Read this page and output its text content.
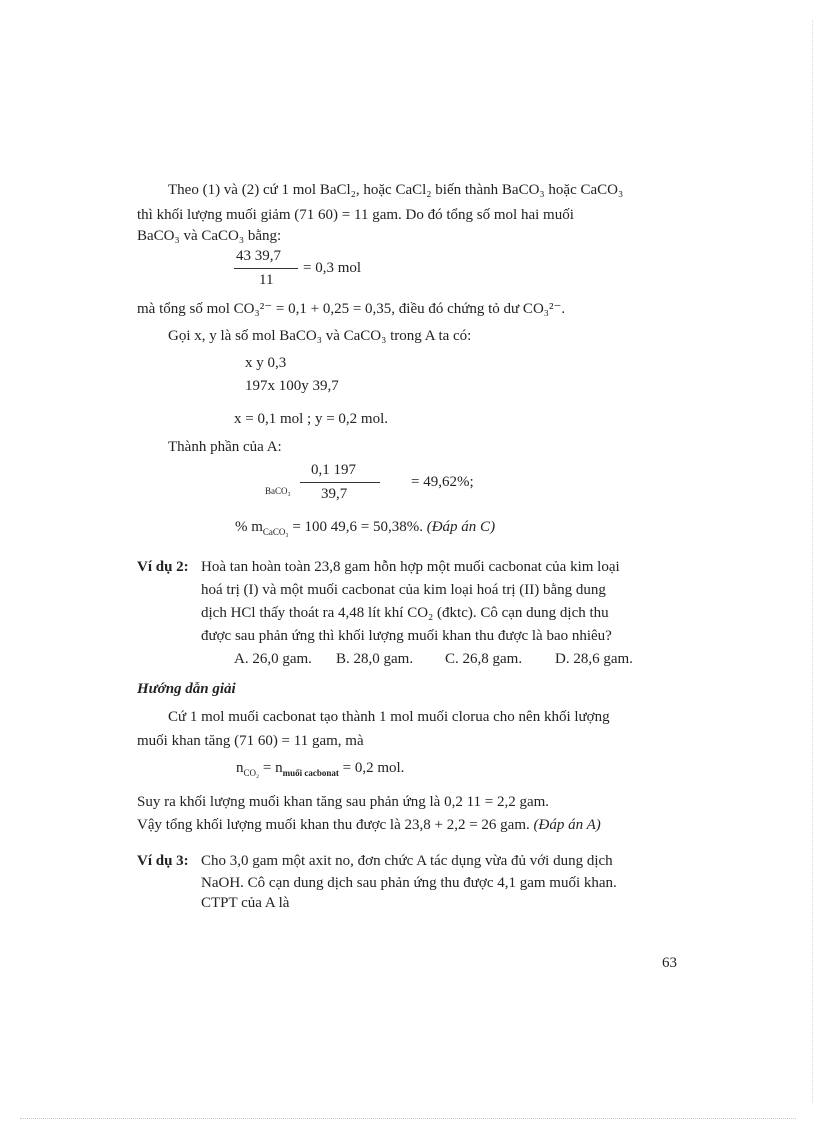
Theo (1) và (2) cứ 1 mol BaCl₂, hoặc CaCl₂ biến thành BaCO₃ hoặc CaCO₃
thì khối lượng muối giảm (71 60) = 11 gam. Do đó tổng số mol hai muối
BaCO₃ và CaCO₃ bằng:
43 39,7
11
= 0,3 mol
mà tổng số mol CO₃²⁻ = 0,1 + 0,25 = 0,35, điều đó chứng tỏ dư CO₃²⁻.
Gọi x, y là số mol BaCO₃ và CaCO₃ trong A ta có:
x y 0,3
197x 100y 39,7
x = 0,1 mol ; y = 0,2 mol.
Thành phần của A:
BaCO₃
0,1 197
39,7
= 49,62%;
% $m_{CaCO_3} = 100$ 49,6 = 50,38%. (Đáp án C)
Ví dụ 2: Hoà tan hoàn toàn 23,8 gam hỗn hợp một muối cacbonat của kim loại
hoá trị (I) và một muối cacbonat của kim loại hoá trị (II) bằng dung
dịch HCl thấy thoát ra 4,48 lít khí CO₂ (đktc). Cô cạn dung dịch thu
được sau phản ứng thì khối lượng muối khan thu được là bao nhiêu?
A. 26,0 gam. B. 28,0 gam. C. 26,8 gam. D. 28,6 gam.
Hướng dẫn giải
Cứ 1 mol muối cacbonat tạo thành 1 mol muối clorua cho nên khối lượng
muối khan tăng (71 60) = 11 gam, mà
$n_{CO_2} = n_{muối cacbonat} = 0,2$ mol.
Suy ra khối lượng muối khan tăng sau phản ứng là 0,2 11 = 2,2 gam.
Vậy tổng khối lượng muối khan thu được là 23,8 + 2,2 = 26 gam. (Đáp án A)
Ví dụ 3: Cho 3,0 gam một axit no, đơn chức A tác dụng vừa đủ với dung dịch
NaOH. Cô cạn dung dịch sau phản ứng thu được 4,1 gam muối khan.
CTPT của A là
63
